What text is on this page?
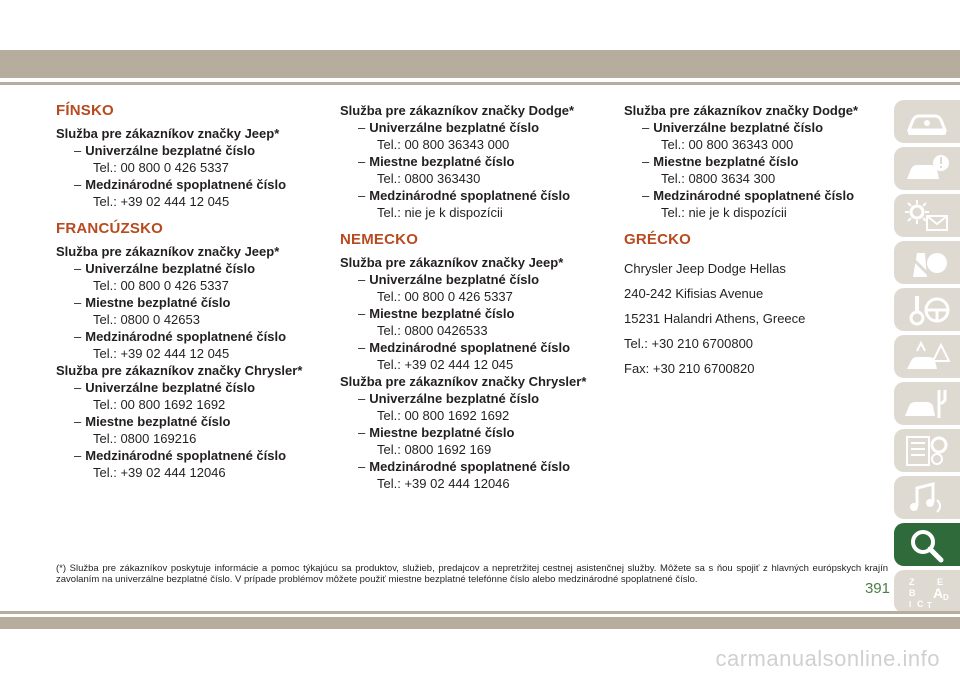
FÍNSKO

Služba pre zákazníkov značky Jeep*

– Univerzálne bezplatné číslo

Tel.: 00 800 0 426 5337

– Medzinárodné spoplatnené číslo

Tel.: +39 02 444 12 045

FRANCÚZSKO

Služba pre zákazníkov značky Jeep*

– Univerzálne bezplatné číslo

Tel.: 00 800 0 426 5337

– Miestne bezplatné číslo

Tel.: 0800 0 42653

– Medzinárodné spoplatnené číslo

Tel.: +39 02 444 12 045

Služba pre zákazníkov značky Chrysler*

– Univerzálne bezplatné číslo

Tel.: 00 800 1692 1692

– Miestne bezplatné číslo

Tel.: 0800 169216

– Medzinárodné spoplatnené číslo

Tel.: +39 02 444 12046

Služba pre zákazníkov značky Dodge*

– Univerzálne bezplatné číslo

Tel.: 00 800 36343 000

– Miestne bezplatné číslo

Tel.: 0800 363430

– Medzinárodné spoplatnené číslo

Tel.: nie je k dispozícii

NEMECKO

Služba pre zákazníkov značky Jeep*

– Univerzálne bezplatné číslo

Tel.: 00 800 0 426 5337

– Miestne bezplatné číslo

Tel.: 0800 0426533

– Medzinárodné spoplatnené číslo

Tel.: +39 02 444 12 045

Služba pre zákazníkov značky Chrysler*

– Univerzálne bezplatné číslo

Tel.: 00 800 1692 1692

– Miestne bezplatné číslo

Tel.: 0800 1692 169

– Medzinárodné spoplatnené číslo

Tel.: +39 02 444 12046

Služba pre zákazníkov značky Dodge*

– Univerzálne bezplatné číslo

Tel.: 00 800 36343 000

– Miestne bezplatné číslo

Tel.: 0800 3634 300

– Medzinárodné spoplatnené číslo

Tel.: nie je k dispozícii

GRÉCKO

Chrysler Jeep Dodge Hellas

240-242 Kifisias Avenue

15231 Halandri Athens, Greece

Tel.: +30 210 6700800

Fax: +30 210 6700820

Z	E
B A
C
D
I T

(*) Služba pre zákazníkov poskytuje informácie a pomoc týkajúcu sa produktov, služieb, predajcov a nepretržitej cestnej asistenčnej služby. Môžete sa s ňou spojiť z hlavných európskych krajín zavolaním na univerzálne bezplatné číslo. V prípade problémov môžete použiť miestne bezplatné telefónne číslo alebo medzinárodné spoplatnené číslo.

391
carmanualsonline.info
